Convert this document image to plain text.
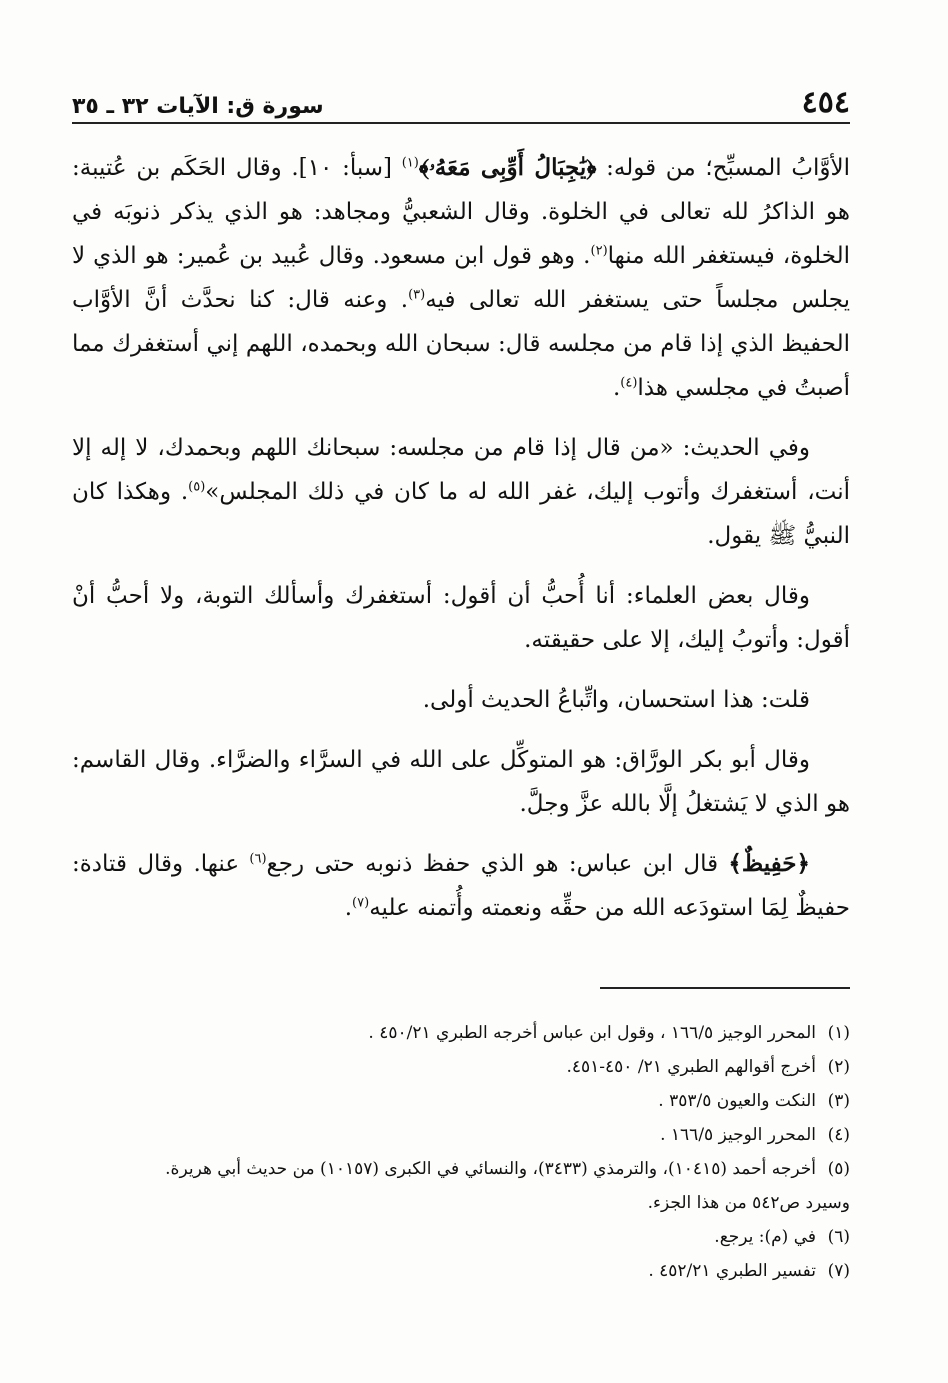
٤٥٤
سورة ق: الآيات ٣٢ ـ ٣٥

الأوَّابُ المسبِّح؛ من قوله: ﴿يَٰجِبَالُ أَوِّبِى مَعَهُۥ﴾$^{(١)}$ [سبأ: ١٠]. وقال الحَكَم بن عُتيبة: هو الذاكرُ لله تعالى في الخلوة. وقال الشعبيُّ ومجاهد: هو الذي يذكر ذنوبَه في الخلوة، فيستغفر الله منها$^{(٢)}$. وهو قول ابن مسعود. وقال عُبيد بن عُمير: هو الذي لا يجلس مجلساً حتى يستغفر الله تعالى فيه$^{(٣)}$. وعنه قال: كنا نحدَّث أنَّ الأوَّاب الحفيظ الذي إذا قام من مجلسه قال: سبحان الله وبحمده، اللهم إني أستغفرك مما أصبتُ في مجلسي هذا$^{(٤)}$.

وفي الحديث: «من قال إذا قام من مجلسه: سبحانك اللهم وبحمدك، لا إله إلا أنت، أستغفرك وأتوب إليك، غفر الله له ما كان في ذلك المجلس»$^{(٥)}$. وهكذا كان النبيُّ ﷺ يقول.

وقال بعض العلماء: أنا أُحبُّ أن أقول: أستغفرك وأسألك التوبة، ولا أحبُّ أنْ أقول: وأتوبُ إليك، إلا على حقيقته.

قلت: هذا استحسان، واتِّباعُ الحديث أولى.

وقال أبو بكر الورَّاق: هو المتوكِّل على الله في السرَّاء والضرَّاء. وقال القاسم: هو الذي لا يَشتغلُ إلَّا بالله عزَّ وجلَّ.

﴿حَفِيظٌ﴾ قال ابن عباس: هو الذي حفظ ذنوبه حتى رجع$^{(٦)}$ عنها. وقال قتادة: حفيظٌ لِمَا استودَعه الله من حقِّه ونعمته وأُتمنه عليه$^{(٧)}$.

(١)المحرر الوجيز ١٦٦/٥ ، وقول ابن عباس أخرجه الطبري ٤٥٠/٢١ .
(٢)أخرج أقوالهم الطبري ٢١/ ٤٥٠-٤٥١.
(٣)النكت والعيون ٣٥٣/٥ .
(٤)المحرر الوجيز ١٦٦/٥ .
(٥)أخرجه أحمد (١٠٤١٥)، والترمذي (٣٤٣٣)، والنسائي في الكبرى (١٠١٥٧) من حديث أبي هريرة.
وسيرد ص٥٤٢ من هذا الجزء.
(٦)في (م): يرجع.
(٧)تفسير الطبري ٤٥٢/٢١ .
